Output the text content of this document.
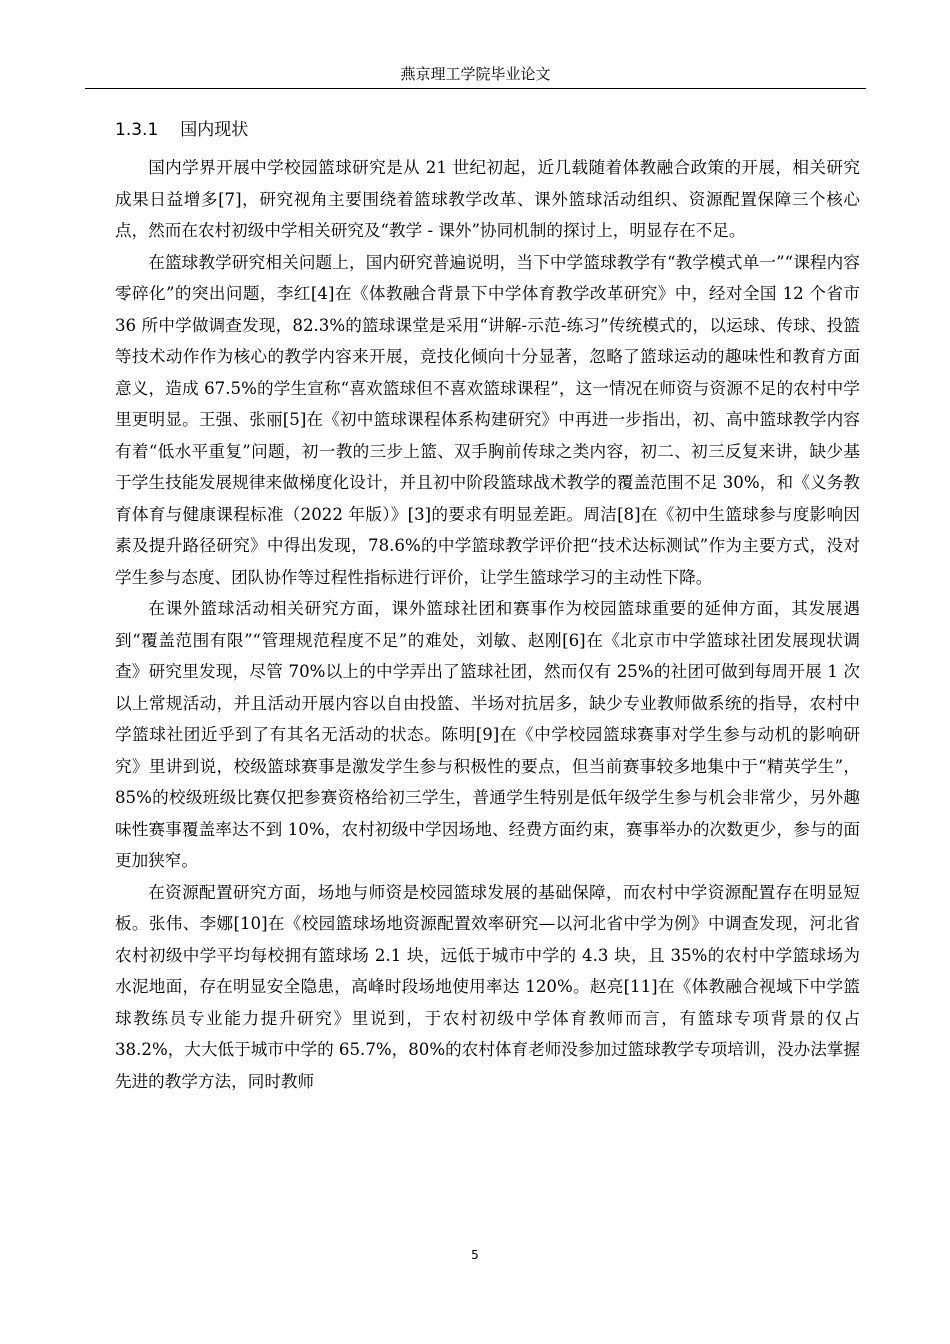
燕京理工学院毕业论文
1.3.1 国内现状

国内学界开展中学校园篮球研究是从 21 世纪初起，近几载随着体教融合政策的开展，相关研究成果日益增多[7]，研究视角主要围绕着篮球教学改革、课外篮球活动组织、资源配置保障三个核心点，然而在农村初级中学相关研究及“教学 - 课外”协同机制的探讨上，明显存在不足。

在篮球教学研究相关问题上，国内研究普遍说明，当下中学篮球教学有“教学模式单一”“课程内容零碎化”的突出问题，李红[4]在《体教融合背景下中学体育教学改革研究》中，经对全国 12 个省市 36 所中学做调查发现，82.3%的篮球课堂是采用“讲解-示范-练习”传统模式的，以运球、传球、投篮等技术动作作为核心的教学内容来开展，竞技化倾向十分显著，忽略了篮球运动的趣味性和教育方面意义，造成 67.5%的学生宣称“喜欢篮球但不喜欢篮球课程”，这一情况在师资与资源不足的农村中学里更明显。王强、张丽[5]在《初中篮球课程体系构建研究》中再进一步指出，初、高中篮球教学内容有着“低水平重复”问题，初一教的三步上篮、双手胸前传球之类内容，初二、初三反复来讲，缺少基于学生技能发展规律来做梯度化设计，并且初中阶段篮球战术教学的覆盖范围不足 30%，和《义务教育体育与健康课程标准（2022 年版）》[3]的要求有明显差距。周洁[8]在《初中生篮球参与度影响因素及提升路径研究》中得出发现，78.6%的中学篮球教学评价把“技术达标测试”作为主要方式，没对学生参与态度、团队协作等过程性指标进行评价，让学生篮球学习的主动性下降。

在课外篮球活动相关研究方面，课外篮球社团和赛事作为校园篮球重要的延伸方面，其发展遇到“覆盖范围有限”“管理规范程度不足”的难处，刘敏、赵刚[6]在《北京市中学篮球社团发展现状调查》研究里发现，尽管 70%以上的中学弄出了篮球社团，然而仅有 25%的社团可做到每周开展 1 次以上常规活动，并且活动开展内容以自由投篮、半场对抗居多，缺少专业教师做系统的指导，农村中学篮球社团近乎到了有其名无活动的状态。陈明[9]在《中学校园篮球赛事对学生参与动机的影响研究》里讲到说，校级篮球赛事是激发学生参与积极性的要点，但当前赛事较多地集中于“精英学生”，85%的校级班级比赛仅把参赛资格给初三学生，普通学生特别是低年级学生参与机会非常少，另外趣味性赛事覆盖率达不到 10%，农村初级中学因场地、经费方面约束，赛事举办的次数更少，参与的面更加狭窄。

在资源配置研究方面，场地与师资是校园篮球发展的基础保障，而农村中学资源配置存在明显短板。张伟、李娜[10]在《校园篮球场地资源配置效率研究—以河北省中学为例》中调查发现，河北省农村初级中学平均每校拥有篮球场 2.1 块，远低于城市中学的 4.3 块，且 35%的农村中学篮球场为水泥地面，存在明显安全隐患，高峰时段场地使用率达 120%。赵亮[11]在《体教融合视域下中学篮球教练员专业能力提升研究》里说到，于农村初级中学体育教师而言，有篮球专项背景的仅占 38.2%，大大低于城市中学的 65.7%，80%的农村体育老师没参加过篮球教学专项培训，没办法掌握先进的教学方法，同时教师

5
